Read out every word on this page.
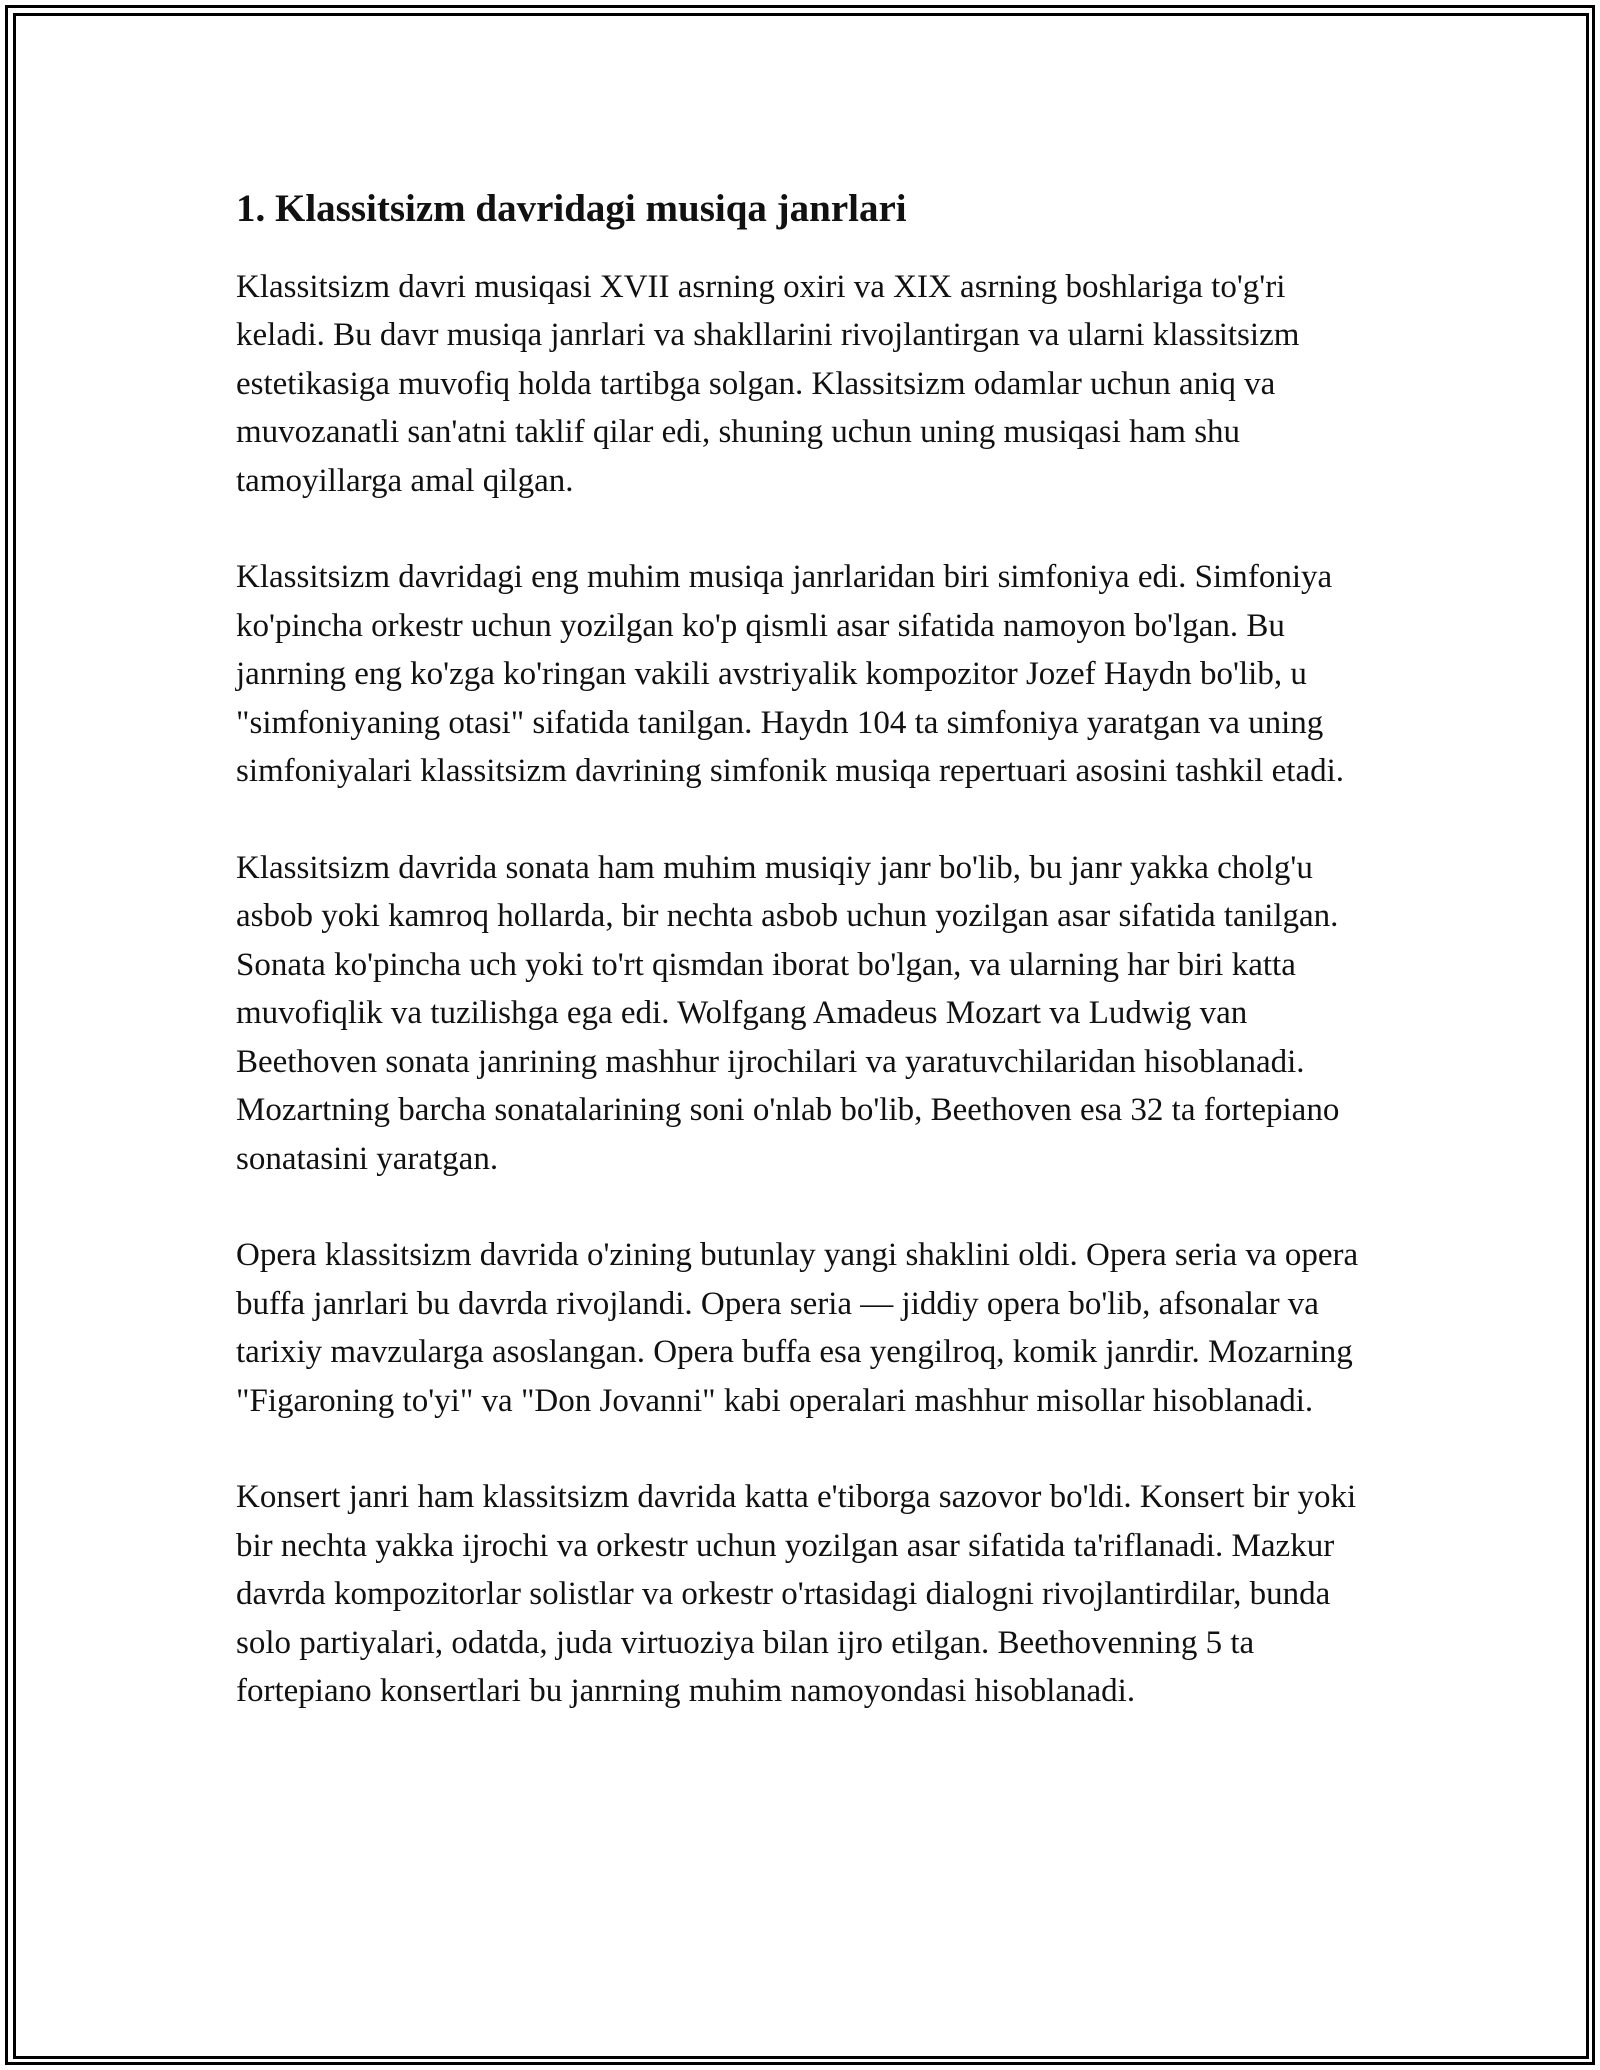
1. Klassitsizm davridagi musiqa janrlari

Klassitsizm davri musiqasi XVII asrning oxiri va XIX asrning boshlariga to'g'ri keladi. Bu davr musiqa janrlari va shakllarini rivojlantirgan va ularni klassitsizm estetikasiga muvofiq holda tartibga solgan. Klassitsizm odamlar uchun aniq va muvozanatli san'atni taklif qilar edi, shuning uchun uning musiqasi ham shu tamoyillarga amal qilgan.

Klassitsizm davridagi eng muhim musiqa janrlaridan biri simfoniya edi. Simfoniya ko'pincha orkestr uchun yozilgan ko'p qismli asar sifatida namoyon bo'lgan. Bu janrning eng ko'zga ko'ringan vakili avstriyalik kompozitor Jozef Haydn bo'lib, u "simfoniyaning otasi" sifatida tanilgan. Haydn 104 ta simfoniya yaratgan va uning simfoniyalari klassitsizm davrining simfonik musiqa repertuari asosini tashkil etadi.

Klassitsizm davrida sonata ham muhim musiqiy janr bo'lib, bu janr yakka cholg'u asbob yoki kamroq hollarda, bir nechta asbob uchun yozilgan asar sifatida tanilgan. Sonata ko'pincha uch yoki to'rt qismdan iborat bo'lgan, va ularning har biri katta muvofiqlik va tuzilishga ega edi. Wolfgang Amadeus Mozart va Ludwig van Beethoven sonata janrining mashhur ijrochilari va yaratuvchilaridan hisoblanadi. Mozartning barcha sonatalarining soni o'nlab bo'lib, Beethoven esa 32 ta fortepiano sonatasini yaratgan.

Opera klassitsizm davrida o'zining butunlay yangi shaklini oldi. Opera seria va opera buffa janrlari bu davrda rivojlandi. Opera seria — jiddiy opera bo'lib, afsonalar va tarixiy mavzularga asoslangan. Opera buffa esa yengilroq, komik janrdir. Mozarning "Figaroning to'yi" va "Don Jovanni" kabi operalari mashhur misollar hisoblanadi.

Konsert janri ham klassitsizm davrida katta e'tiborga sazovor bo'ldi. Konsert bir yoki bir nechta yakka ijrochi va orkestr uchun yozilgan asar sifatida ta'riflanadi. Mazkur davrda kompozitorlar solistlar va orkestr o'rtasidagi dialogni rivojlantirdilar, bunda solo partiyalari, odatda, juda virtuoziya bilan ijro etilgan. Beethovenning 5 ta fortepiano konsertlari bu janrning muhim namoyondasi hisoblanadi.
